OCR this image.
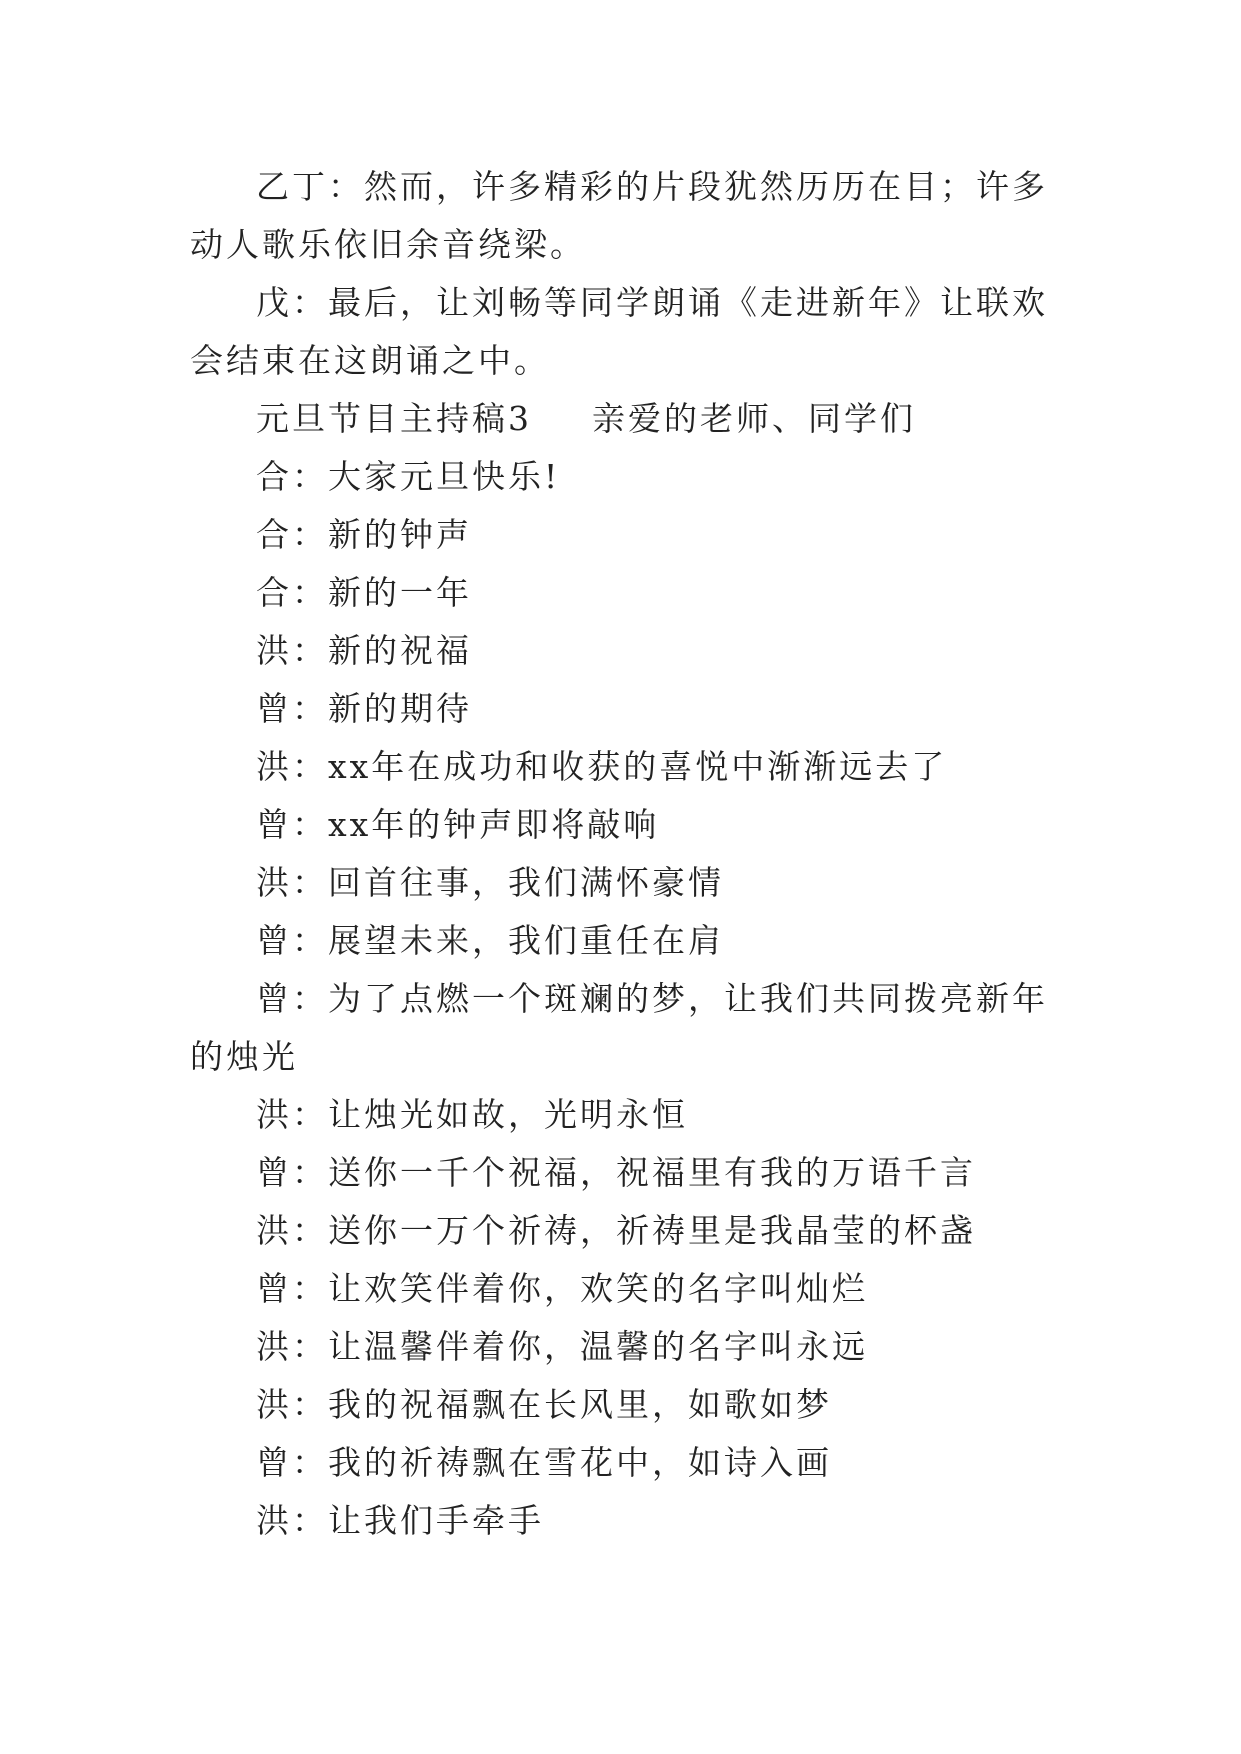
乙丁：然而，许多精彩的片段犹然历历在目；许多动人歌乐依旧余音绕梁。

戊：最后，让刘畅等同学朗诵《走进新年》让联欢会结束在这朗诵之中。

元旦节目主持稿3 亲爱的老师、同学们

合：大家元旦快乐!

合：新的钟声

合：新的一年

洪：新的祝福

曾：新的期待

洪：xx年在成功和收获的喜悦中渐渐远去了

曾：xx年的钟声即将敲响

洪：回首往事，我们满怀豪情

曾：展望未来，我们重任在肩

曾：为了点燃一个斑斓的梦，让我们共同拨亮新年的烛光

洪：让烛光如故，光明永恒

曾：送你一千个祝福，祝福里有我的万语千言

洪：送你一万个祈祷，祈祷里是我晶莹的杯盏

曾：让欢笑伴着你，欢笑的名字叫灿烂

洪：让温馨伴着你，温馨的名字叫永远

洪：我的祝福飘在长风里，如歌如梦

曾：我的祈祷飘在雪花中，如诗入画

洪：让我们手牵手
